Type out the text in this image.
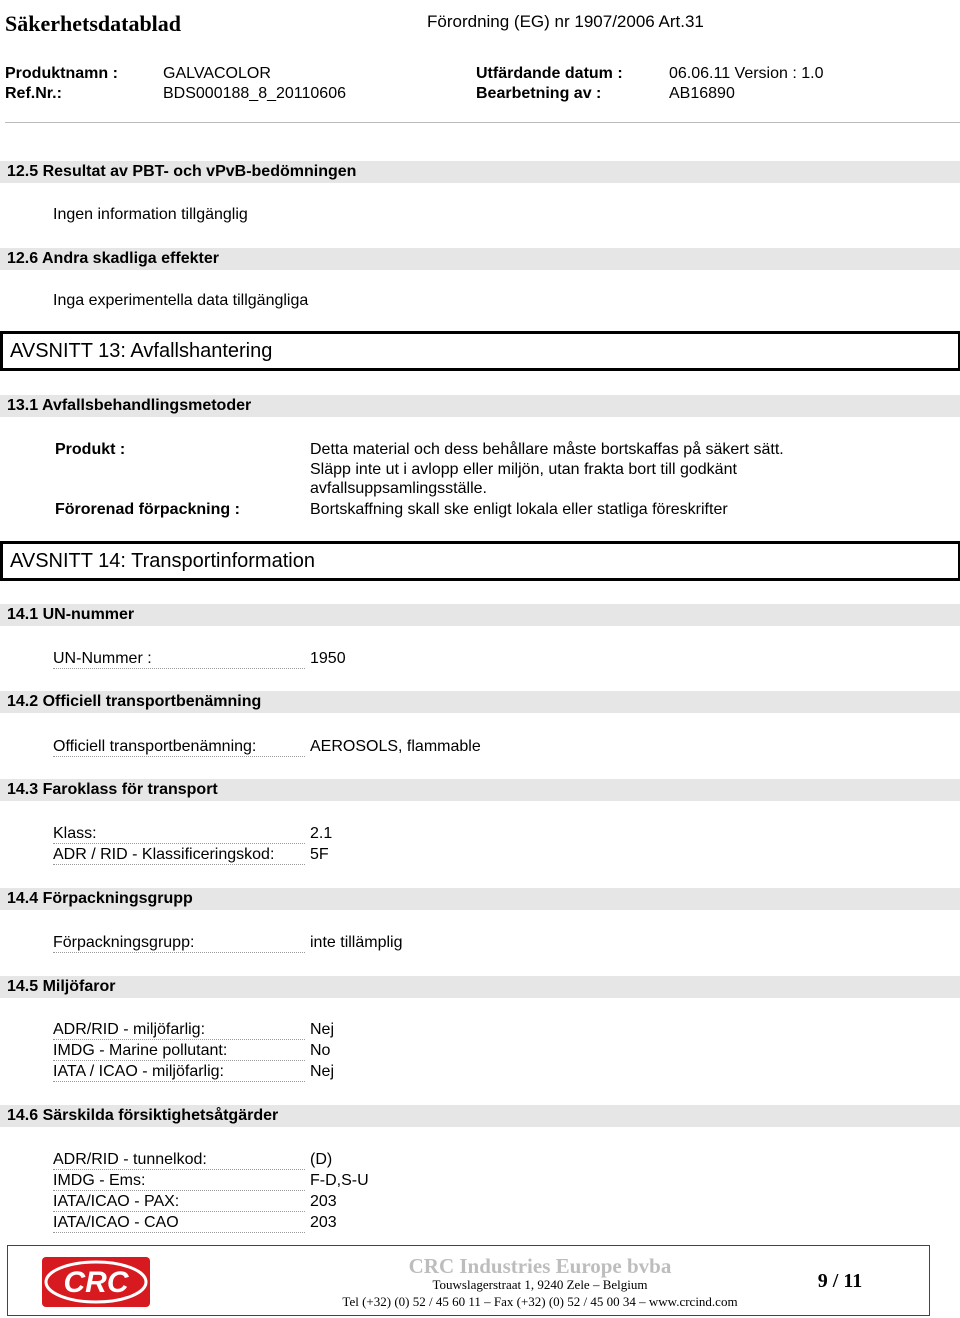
Säkerhetsdatablad	Förordning (EG) nr 1907/2006 Art.31
Produktnamn :	GALVACOLOR	Utfärdande datum :	06.06.11 Version : 1.0
Ref.Nr.:	BDS000188_8_20110606	Bearbetning av :	AB16890
12.5 Resultat av PBT- och vPvB-bedömningen
Ingen information tillgänglig
12.6 Andra skadliga effekter
Inga experimentella data tillgängliga
AVSNITT 13: Avfallshantering
13.1 Avfallsbehandlingsmetoder
Produkt :	Detta material och dess behållare måste bortskaffas på säkert sätt.
Släpp inte ut i avlopp eller miljön, utan frakta bort till godkänt
avfallsuppsamlingsställe.
Förorenad förpackning :	Bortskaffning skall ske enligt lokala eller statliga föreskrifter
AVSNITT 14: Transportinformation
14.1 UN-nummer
UN-Nummer :	1950
14.2 Officiell transportbenämning
Officiell transportbenämning:	AEROSOLS, flammable
14.3 Faroklass för transport
Klass:	2.1
ADR / RID - Klassificeringskod:	5F
14.4 Förpackningsgrupp
Förpackningsgrupp:	inte tillämplig
14.5 Miljöfaror
ADR/RID - miljöfarlig:	Nej
IMDG - Marine pollutant:	No
IATA / ICAO - miljöfarlig:	Nej
14.6 Särskilda försiktighetsåtgärder
ADR/RID - tunnelkod:	(D)
IMDG - Ems:	F-D,S-U
IATA/ICAO - PAX:	203
IATA/ICAO - CAO	203
CRC	CRC Industries Europe bvba
Touwslagerstraat 1, 9240 Zele – Belgium
Tel (+32) (0) 52 / 45 60 11 – Fax (+32) (0) 52 / 45 00 34 – www.crcind.com
9 / 11
